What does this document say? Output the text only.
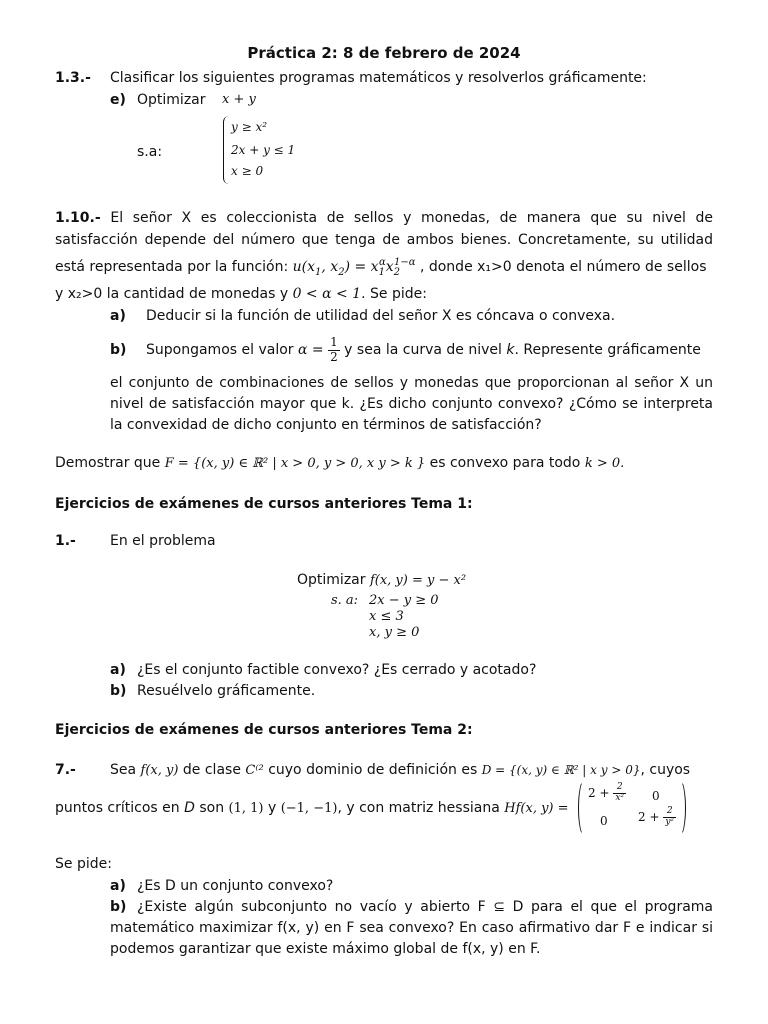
Práctica 2: 8 de febrero de 2024
1.3.- Clasificar los siguientes programas matemáticos y resolverlos gráficamente:
e) Optimizar x + y
s.a:
y ≥ x²
2x + y ≤ 1
x ≥ 0
1.10.- El señor X es coleccionista de sellos y monedas, de manera que su nivel de
satisfacción depende del número que tenga de ambos bienes. Concretamente, su utilidad
está representada por la función: $u(x_1$, $x_2) = x_1^\alpha x_2^{1-\alpha}$ , donde x₁>0 denota el número de sellos
y x₂>0 la cantidad de monedas y 0 < α < 1. Se pide:
a) Deducir si la función de utilidad del señor X es cóncava o convexa.
b) Supongamos el valor $\alpha = \frac{1}{2}$ y sea la curva de nivel k. Represente gráficamente
el conjunto de combinaciones de sellos y monedas que proporcionan al señor X un nivel de satisfacción mayor que k. ¿Es dicho conjunto convexo? ¿Cómo se interpreta la convexidad de dicho conjunto en términos de satisfacción?
Demostrar que F = {(x, y) ∈ ℝ² | x > 0, y > 0, x y > k } es convexo para todo k > 0.
Ejercicios de exámenes de cursos anteriores Tema 1:
1.- En el problema
Optimizar f(x, y) = y − x²
s. a: 2x − y ≥ 0
x ≤ 3
x, y ≥ 0
a) ¿Es el conjunto factible convexo? ¿Es cerrado y acotado?
b) Resuélvelo gráficamente.
Ejercicios de exámenes de cursos anteriores Tema 2:
7.- Sea f(x, y) de clase C⁽² cuyo dominio de definición es D = {(x, y) ∈ ℝ² | x y > 0}, cuyos
puntos críticos en D son (1, 1) y (−1, −1), y con matriz hessiana Hf(x, y) =
$2 + \frac{2}{\text{x²}} 0$
0	$2 + \frac{2}{\text{y²}}$
Se pide:
a) ¿Es D un conjunto convexo?
b) ¿Existe algún subconjunto no vacío y abierto F ⊆ D para el que el programa matemático maximizar f(x, y) en F sea convexo? En caso afirmativo dar F e indicar si podemos garantizar que existe máximo global de f(x, y) en F.
